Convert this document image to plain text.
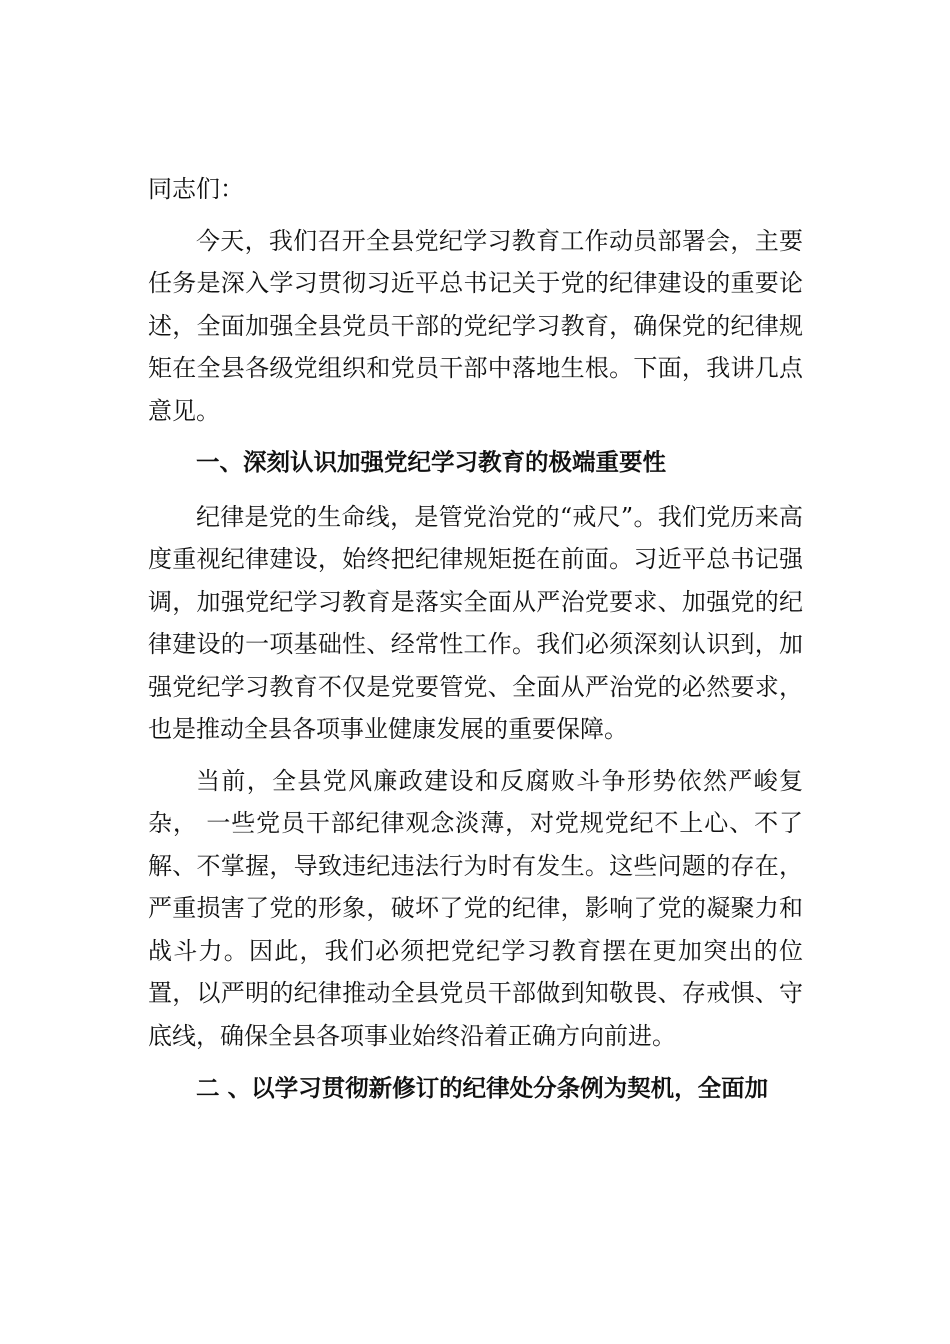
同志们：

今天，我们召开全县党纪学习教育工作动员部署会，主要任务是深入学习贯彻习近平总书记关于党的纪律建设的重要论述，全面加强全县党员干部的党纪学习教育，确保党的纪律规矩在全县各级党组织和党员干部中落地生根。下面，我讲几点意见。

一、深刻认识加强党纪学习教育的极端重要性

纪律是党的生命线，是管党治党的“戒尺”。我们党历来高度重视纪律建设，始终把纪律规矩挺在前面。习近平总书记强调，加强党纪学习教育是落实全面从严治党要求、加强党的纪律建设的一项基础性、经常性工作。我们必须深刻认识到，加强党纪学习教育不仅是党要管党、全面从严治党的必然要求，也是推动全县各项事业健康发展的重要保障。

当前，全县党风廉政建设和反腐败斗争形势依然严峻复杂， 一些党员干部纪律观念淡薄，对党规党纪不上心、不了解、不掌握，导致违纪违法行为时有发生。这些问题的存在，严重损害了党的形象，破坏了党的纪律，影响了党的凝聚力和战斗力。因此，我们必须把党纪学习教育摆在更加突出的位置，以严明的纪律推动全县党员干部做到知敬畏、存戒惧、守底线，确保全县各项事业始终沿着正确方向前进。

二 、以学习贯彻新修订的纪律处分条例为契机，全面加
